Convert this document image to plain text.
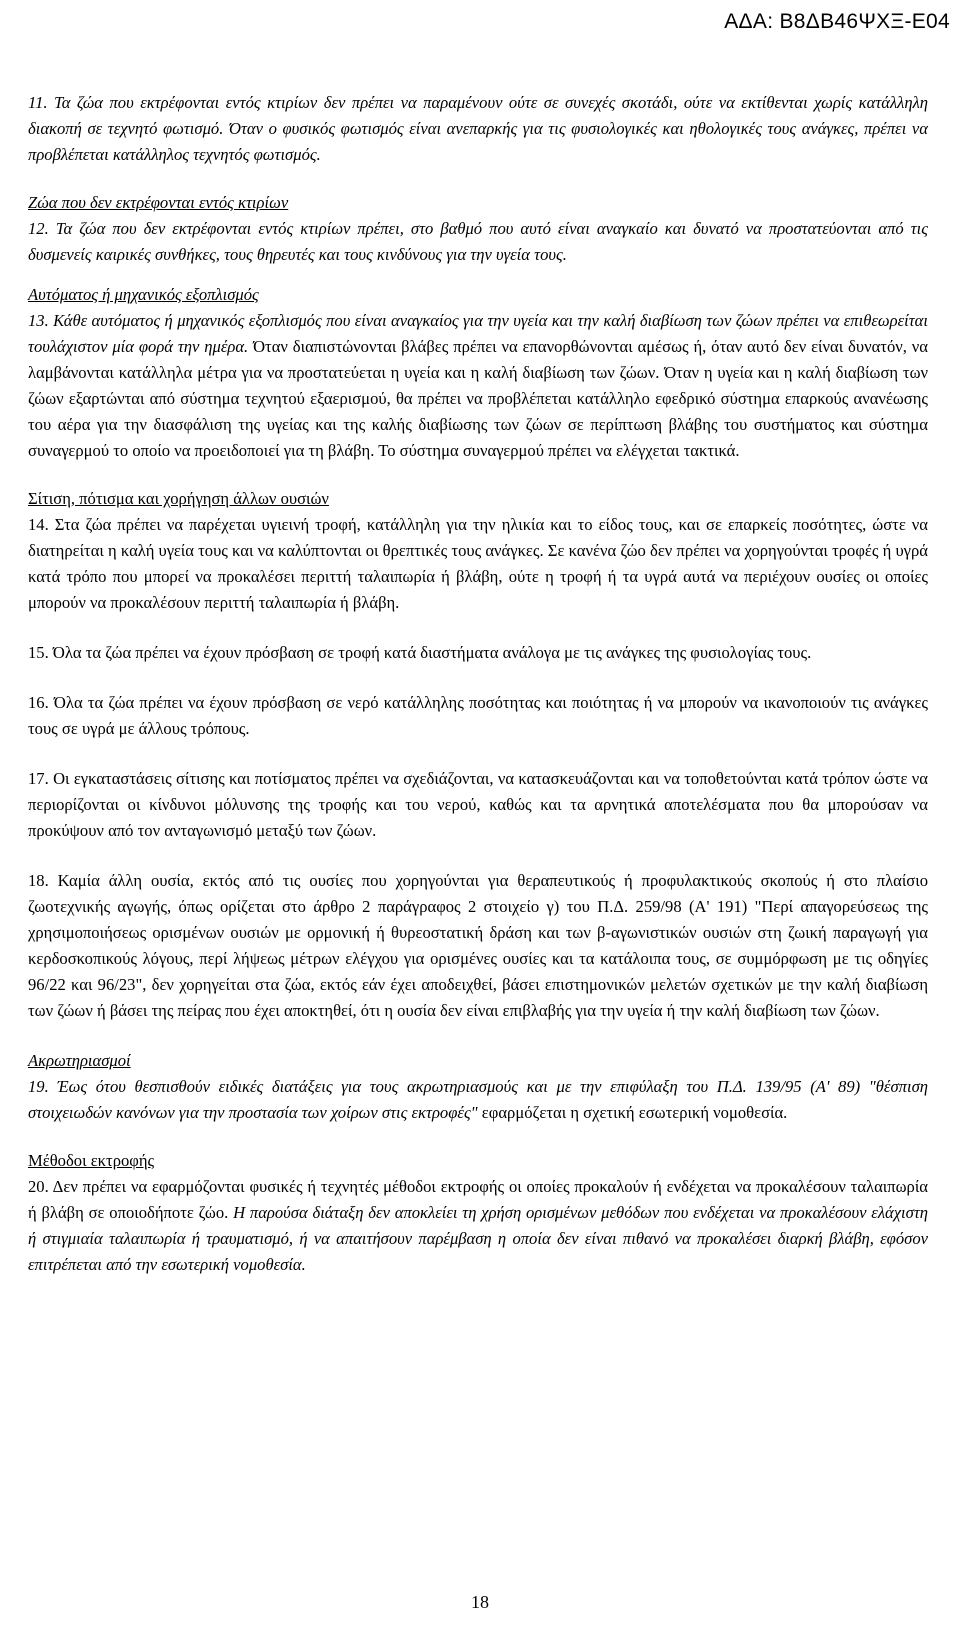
ΑΔΑ: Β8ΔΒ46ΨΧΞ-Ε04

11. Τα ζώα που εκτρέφονται εντός κτιρίων δεν πρέπει να παραμένουν ούτε σε συνεχές σκοτάδι, ούτε να εκτίθενται χωρίς κατάλληλη διακοπή σε τεχνητό φωτισμό. Όταν ο φυσικός φωτισμός είναι ανεπαρκής για τις φυσιολογικές και ηθολογικές τους ανάγκες, πρέπει να προβλέπεται κατάλληλος τεχνητός φωτισμός.

Ζώα που δεν εκτρέφονται εντός κτιρίων

12. Τα ζώα που δεν εκτρέφονται εντός κτιρίων πρέπει, στο βαθμό που αυτό είναι αναγκαίο και δυνατό να προστατεύονται από τις δυσμενείς καιρικές συνθήκες, τους θηρευτές και τους κινδύνους για την υγεία τους.

Αυτόματος ή μηχανικός εξοπλισμός

13. Κάθε αυτόματος ή μηχανικός εξοπλισμός που είναι αναγκαίος για την υγεία και την καλή διαβίωση των ζώων πρέπει να επιθεωρείται τουλάχιστον μία φορά την ημέρα. Όταν διαπιστώνονται βλάβες πρέπει να επανορθώνονται αμέσως ή, όταν αυτό δεν είναι δυνατόν, να λαμβάνονται κατάλληλα μέτρα για να προστατεύεται η υγεία και η καλή διαβίωση των ζώων. Όταν η υγεία και η καλή διαβίωση των ζώων εξαρτώνται από σύστημα τεχνητού εξαερισμού, θα πρέπει να προβλέπεται κατάλληλο εφεδρικό σύστημα επαρκούς ανανέωσης του αέρα για την διασφάλιση της υγείας και της καλής διαβίωσης των ζώων σε περίπτωση βλάβης του συστήματος και σύστημα συναγερμού το οποίο να προειδοποιεί για τη βλάβη. Το σύστημα συναγερμού πρέπει να ελέγχεται τακτικά.

Σίτιση, πότισμα και χορήγηση άλλων ουσιών

14. Στα ζώα πρέπει να παρέχεται υγιεινή τροφή, κατάλληλη για την ηλικία και το είδος τους, και σε επαρκείς ποσότητες, ώστε να διατηρείται η καλή υγεία τους και να καλύπτονται οι θρεπτικές τους ανάγκες. Σε κανένα ζώο δεν πρέπει να χορηγούνται τροφές ή υγρά κατά τρόπο που μπορεί να προκαλέσει περιττή ταλαιπωρία ή βλάβη, ούτε η τροφή ή τα υγρά αυτά να περιέχουν ουσίες οι οποίες μπορούν να προκαλέσουν περιττή ταλαιπωρία ή βλάβη.

15. Όλα τα ζώα πρέπει να έχουν πρόσβαση σε τροφή κατά διαστήματα ανάλογα με τις ανάγκες της φυσιολογίας τους.

16. Όλα τα ζώα πρέπει να έχουν πρόσβαση σε νερό κατάλληλης ποσότητας και ποιότητας ή να μπορούν να ικανοποιούν τις ανάγκες τους σε υγρά με άλλους τρόπους.

17. Οι εγκαταστάσεις σίτισης και ποτίσματος πρέπει να σχεδιάζονται, να κατασκευάζονται και να τοποθετούνται κατά τρόπον ώστε να περιορίζονται οι κίνδυνοι μόλυνσης της τροφής και του νερού, καθώς και τα αρνητικά αποτελέσματα που θα μπορούσαν να προκύψουν από τον ανταγωνισμό μεταξύ των ζώων.

18. Καμία άλλη ουσία, εκτός από τις ουσίες που χορηγούνται για θεραπευτικούς ή προφυλακτικούς σκοπούς ή στο πλαίσιο ζωοτεχνικής αγωγής, όπως ορίζεται στο άρθρο 2 παράγραφος 2 στοιχείο γ) του Π.Δ. 259/98 (Α' 191) "Περί απαγορεύσεως της χρησιμοποιήσεως ορισμένων ουσιών με ορμονική ή θυρεοστατική δράση και των β-αγωνιστικών ουσιών στη ζωική παραγωγή για κερδοσκοπικούς λόγους, περί λήψεως μέτρων ελέγχου για ορισμένες ουσίες και τα κατάλοιπα τους, σε συμμόρφωση με τις οδηγίες 96/22 και 96/23", δεν χορηγείται στα ζώα, εκτός εάν έχει αποδειχθεί, βάσει επιστημονικών μελετών σχετικών με την καλή διαβίωση των ζώων ή βάσει της πείρας που έχει αποκτηθεί, ότι η ουσία δεν είναι επιβλαβής για την υγεία ή την καλή διαβίωση των ζώων.

Ακρωτηριασμοί

19. Έως ότου θεσπισθούν ειδικές διατάξεις για τους ακρωτηριασμούς και με την επιφύλαξη του Π.Δ. 139/95 (Α' 89) "θέσπιση στοιχειωδών κανόνων για την προστασία των χοίρων στις εκτροφές" εφαρμόζεται η σχετική εσωτερική νομοθεσία.

Μέθοδοι εκτροφής

20. Δεν πρέπει να εφαρμόζονται φυσικές ή τεχνητές μέθοδοι εκτροφής οι οποίες προκαλούν ή ενδέχεται να προκαλέσουν ταλαιπωρία ή βλάβη σε οποιοδήποτε ζώο. Η παρούσα διάταξη δεν αποκλείει τη χρήση ορισμένων μεθόδων που ενδέχεται να προκαλέσουν ελάχιστη ή στιγμιαία ταλαιπωρία ή τραυματισμό, ή να απαιτήσουν παρέμβαση η οποία δεν είναι πιθανό να προκαλέσει διαρκή βλάβη, εφόσον επιτρέπεται από την εσωτερική νομοθεσία.

18
